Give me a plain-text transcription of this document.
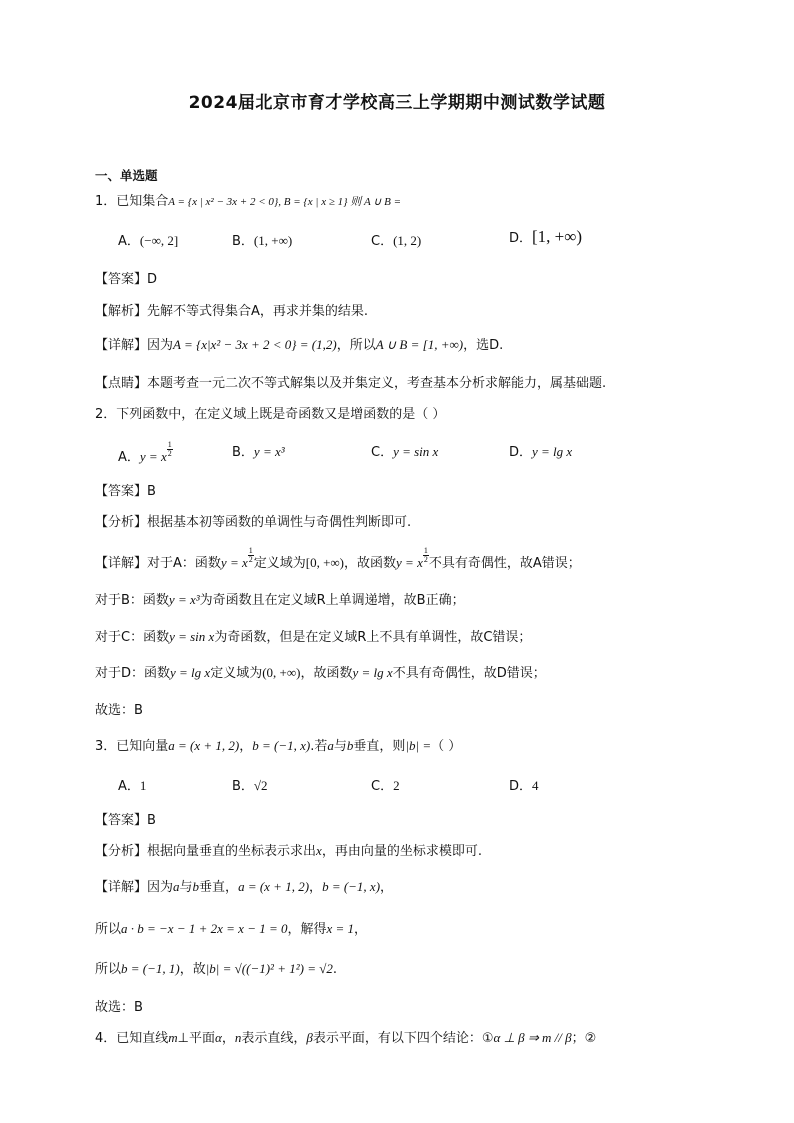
2024届北京市育才学校高三上学期期中测试数学试题
一、单选题
1．已知集合A = {x | x² − 3x + 2 < 0}, B = {x | x ≥ 1} 则 A ∪ B =
A．(−∞, 2]	B．(1, +∞)	C．(1, 2)	D．[1, +∞)
【答案】D
【解析】先解不等式得集合A，再求并集的结果.
【详解】因为A = {x|x² − 3x + 2 < 0} = (1,2)，所以A ∪ B = [1, +∞)，选D.
【点睛】本题考查一元二次不等式解集以及并集定义，考查基本分析求解能力，属基础题.
2．下列函数中，在定义域上既是奇函数又是增函数的是（ ）
A．y = x $\frac{1}{2}$	B．y = x³	C．y = sin x	D．y = lg x
【答案】B
【分析】根据基本初等函数的单调性与奇偶性判断即可.
【详解】对于A：函数y = x $\frac{1}{2}$ 定义域为[0, +∞)，故函数y = x $\frac{1}{2}$ 不具有奇偶性，故A错误；
对于B：函数y = x³为奇函数且在定义域R上单调递增，故B正确；
对于C：函数y = sin x为奇函数，但是在定义域R上不具有单调性，故C错误；
对于D：函数y = lg x定义域为(0, +∞)，故函数y = lg x不具有奇偶性，故D错误；
故选：B
3．已知向量a = (x + 1, 2)，b = (−1, x).若a与b垂直，则|b| =（ ）
A．1	B．√2	C．2	D．4
【答案】B
【分析】根据向量垂直的坐标表示求出x，再由向量的坐标求模即可.
【详解】因为a与b垂直，a = (x + 1, 2)，b = (−1, x)，
所以a · b = −x − 1 + 2x = x − 1 = 0，解得x = 1，
所以b = (−1, 1)，故|b| = √((−1)² + 1²) = √2.
故选：B
4．已知直线m⊥平面α，n表示直线，β表示平面，有以下四个结论：①α ⊥ β ⇒ m // β；②
